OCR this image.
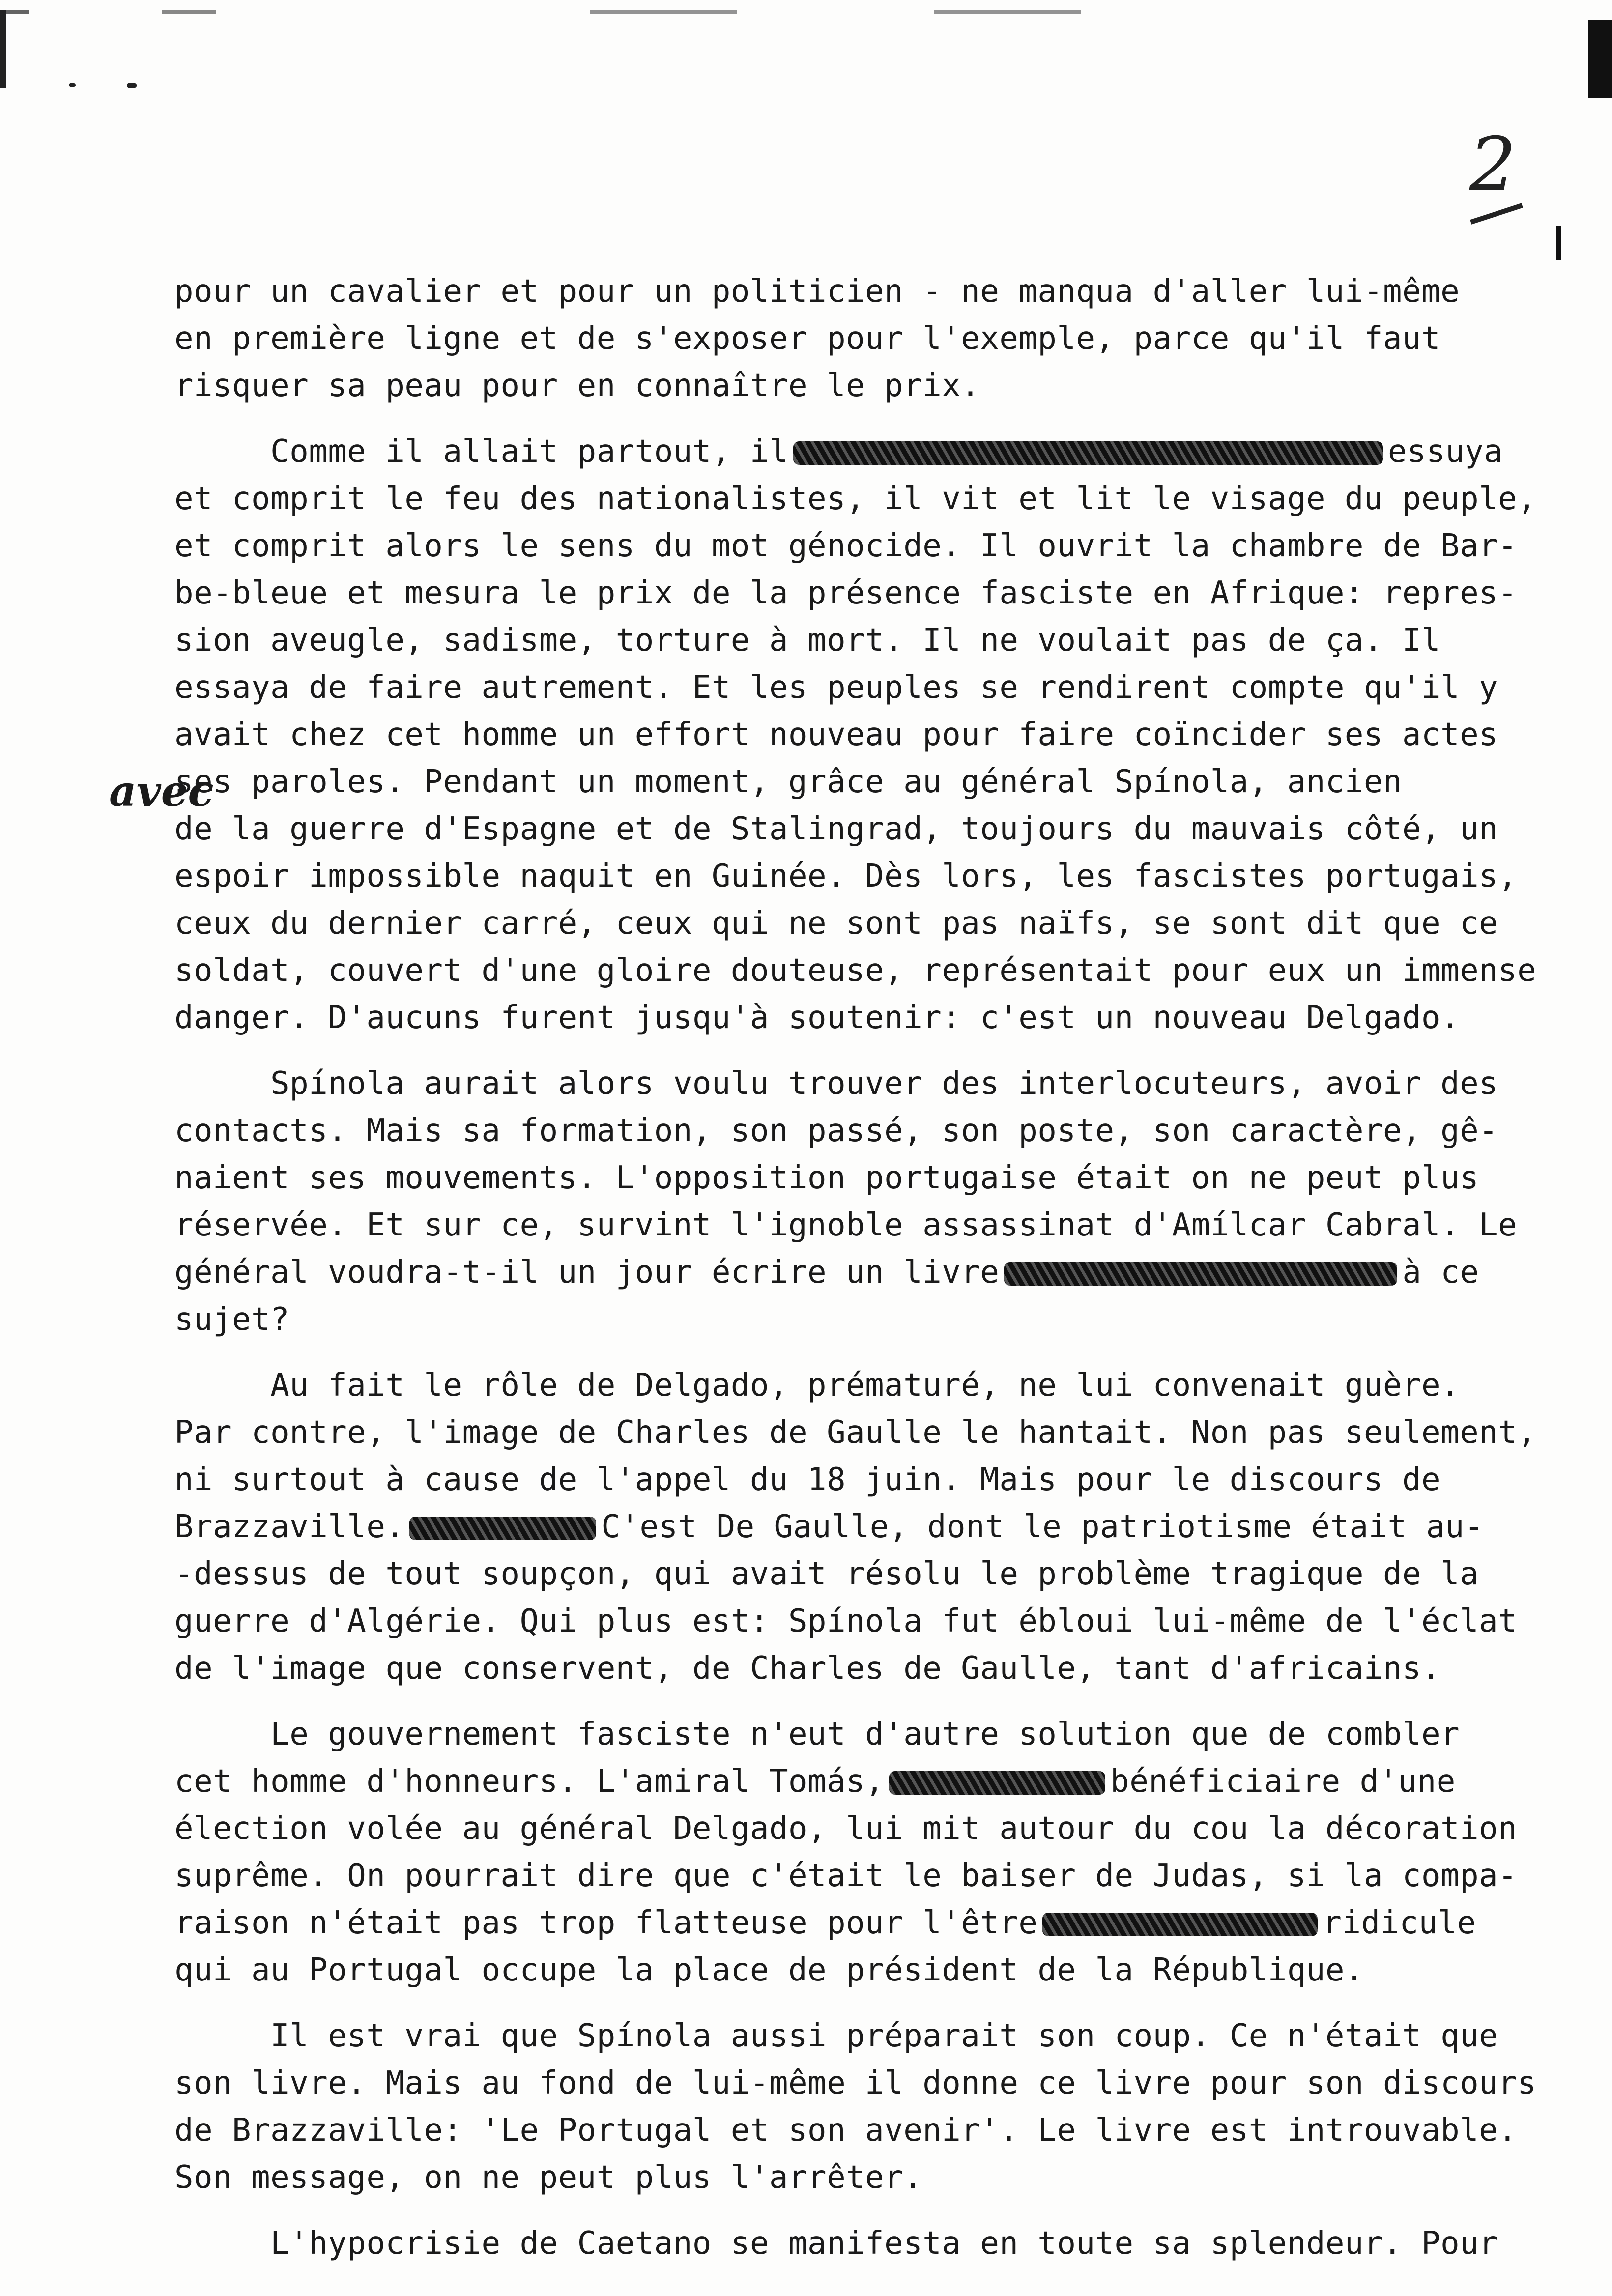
2
avec
pour un cavalier et pour un politicien - ne manqua d'aller lui-même
en première ligne et de s'exposer pour l'exemple, parce qu'il faut
risquer sa peau pour en connaître le prix.
Comme il allait partout, il	essuya
et comprit le feu des nationalistes, il vit et lit le visage du peuple,
et comprit alors le sens du mot génocide. Il ouvrit la chambre de Bar-
be-bleue et mesura le prix de la présence fasciste en Afrique: repres-
sion aveugle, sadisme, torture à mort. Il ne voulait pas de ça. Il
essaya de faire autrement. Et les peuples se rendirent compte qu'il y
avait chez cet homme un effort nouveau pour faire coïncider ses actes
ses paroles. Pendant un moment, grâce au général Spínola, ancien
de la guerre d'Espagne et de Stalingrad, toujours du mauvais côté, un
espoir impossible naquit en Guinée. Dès lors, les fascistes portugais,
ceux du dernier carré, ceux qui ne sont pas naïfs, se sont dit que ce
soldat, couvert d'une gloire douteuse, représentait pour eux un immense
danger. D'aucuns furent jusqu'à soutenir: c'est un nouveau Delgado.
Spínola aurait alors voulu trouver des interlocuteurs, avoir des
contacts. Mais sa formation, son passé, son poste, son caractère, gê-
naient ses mouvements. L'opposition portugaise était on ne peut plus
réservée. Et sur ce, survint l'ignoble assassinat d'Amílcar Cabral. Le
général voudra-t-il un jour écrire un livre	à ce
sujet?
Au fait le rôle de Delgado, prématuré, ne lui convenait guère.
Par contre, l'image de Charles de Gaulle le hantait. Non pas seulement,
ni surtout à cause de l'appel du 18 juin. Mais pour le discours de
Brazzaville.	C'est De Gaulle, dont le patriotisme était au-
-dessus de tout soupçon, qui avait résolu le problème tragique de la
guerre d'Algérie. Qui plus est: Spínola fut ébloui lui-même de l'éclat
de l'image que conservent, de Charles de Gaulle, tant d'africains.
Le gouvernement fasciste n'eut d'autre solution que de combler
cet homme d'honneurs. L'amiral Tomás,	bénéficiaire d'une
élection volée au général Delgado, lui mit autour du cou la décoration
suprême. On pourrait dire que c'était le baiser de Judas, si la compa-
raison n'était pas trop flatteuse pour l'être	ridicule
qui au Portugal occupe la place de président de la République.
Il est vrai que Spínola aussi préparait son coup. Ce n'était que
son livre. Mais au fond de lui-même il donne ce livre pour son discours
de Brazzaville: 'Le Portugal et son avenir'. Le livre est introuvable.
Son message, on ne peut plus l'arrêter.
L'hypocrisie de Caetano se manifesta en toute sa splendeur. Pour
